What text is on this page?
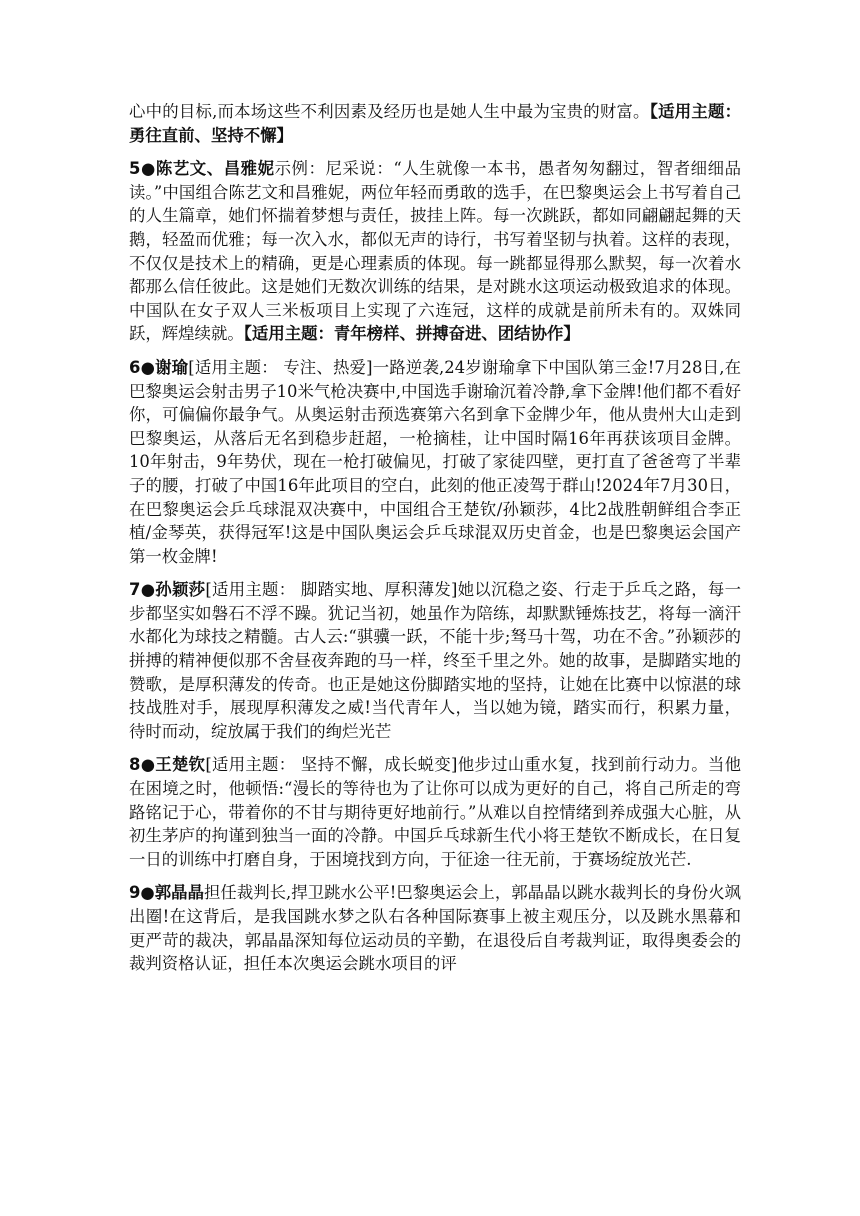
心中的目标,而本场这些不利因素及经历也是她人生中最为宝贵的财富。【适用主题：勇往直前、坚持不懈】

5●陈艺文、昌雅妮示例：尼采说：“人生就像一本书，愚者匆匆翻过，智者细细品读。”中国组合陈艺文和昌雅妮，两位年轻而勇敢的选手，在巴黎奥运会上书写着自己的人生篇章，她们怀揣着梦想与责任，披挂上阵。每一次跳跃，都如同翩翩起舞的天鹅，轻盈而优雅；每一次入水，都似无声的诗行，书写着坚韧与执着。这样的表现，不仅仅是技术上的精确，更是心理素质的体现。每一跳都显得那么默契，每一次着水都那么信任彼此。这是她们无数次训练的结果，是对跳水这项运动极致追求的体现。中国队在女子双人三米板项目上实现了六连冠，这样的成就是前所未有的。双姝同跃，辉煌续就。【适用主题：青年榜样、拼搏奋进、团结协作】

6●谢瑜[适用主题： 专注、热爱]一路逆袭,24岁谢瑜拿下中国队第三金!7月28日,在巴黎奥运会射击男子10米气枪决赛中,中国选手谢瑜沉着冷静,拿下金牌!他们都不看好你，可偏偏你最争气。从奥运射击预选赛第六名到拿下金牌少年，他从贵州大山走到巴黎奥运，从落后无名到稳步赶超，一枪摘桂，让中国时隔16年再获该项目金牌。10年射击，9年势伏，现在一枪打破偏见，打破了家徒四壁，更打直了爸爸弯了半辈子的腰，打破了中国16年此项目的空白，此刻的他正凌驾于群山!2024年7月30日，在巴黎奥运会乒乓球混双决赛中，中国组合王楚钦/孙颖莎，4比2战胜朝鲜组合李正植/金琴英，获得冠军!这是中国队奥运会乒乓球混双历史首金，也是巴黎奥运会国产第一枚金牌!

7●孙颖莎[适用主题： 脚踏实地、厚积薄发]她以沉稳之姿、行走于乒乓之路，每一步都坚实如磐石不浮不躁。犹记当初，她虽作为陪练，却默默锤炼技艺，将每一滴汗水都化为球技之精髓。古人云:“骐骥一跃，不能十步;驽马十驾，功在不舍。”孙颖莎的拼搏的精神便似那不舍昼夜奔跑的马一样，终至千里之外。她的故事，是脚踏实地的赞歌，是厚积薄发的传奇。也正是她这份脚踏实地的坚持，让她在比赛中以惊湛的球技战胜对手，展现厚积薄发之威!当代青年人，当以她为镜，踏实而行，积累力量，待时而动，绽放属于我们的绚烂光芒

8●王楚钦[适用主题： 坚持不懈，成长蜕变]他步过山重水复，找到前行动力。当他在困境之时，他顿悟:“漫长的等待也为了让你可以成为更好的自己，将自己所走的弯路铭记于心，带着你的不甘与期待更好地前行。”从难以自控情绪到养成强大心脏，从初生茅庐的拘谨到独当一面的冷静。中国乒乓球新生代小将王楚钦不断成长，在日复一日的训练中打磨自身，于困境找到方向，于征途一往无前，于赛场绽放光芒.

9●郭晶晶担任裁判长,捍卫跳水公平!巴黎奥运会上，郭晶晶以跳水裁判长的身份火飒出圈!在这背后，是我国跳水梦之队右各种国际赛事上被主观压分，以及跳水黑幕和更严苛的裁决，郭晶晶深知每位运动员的辛勤，在退役后自考裁判证，取得奥委会的裁判资格认证，担任本次奥运会跳水项目的评
